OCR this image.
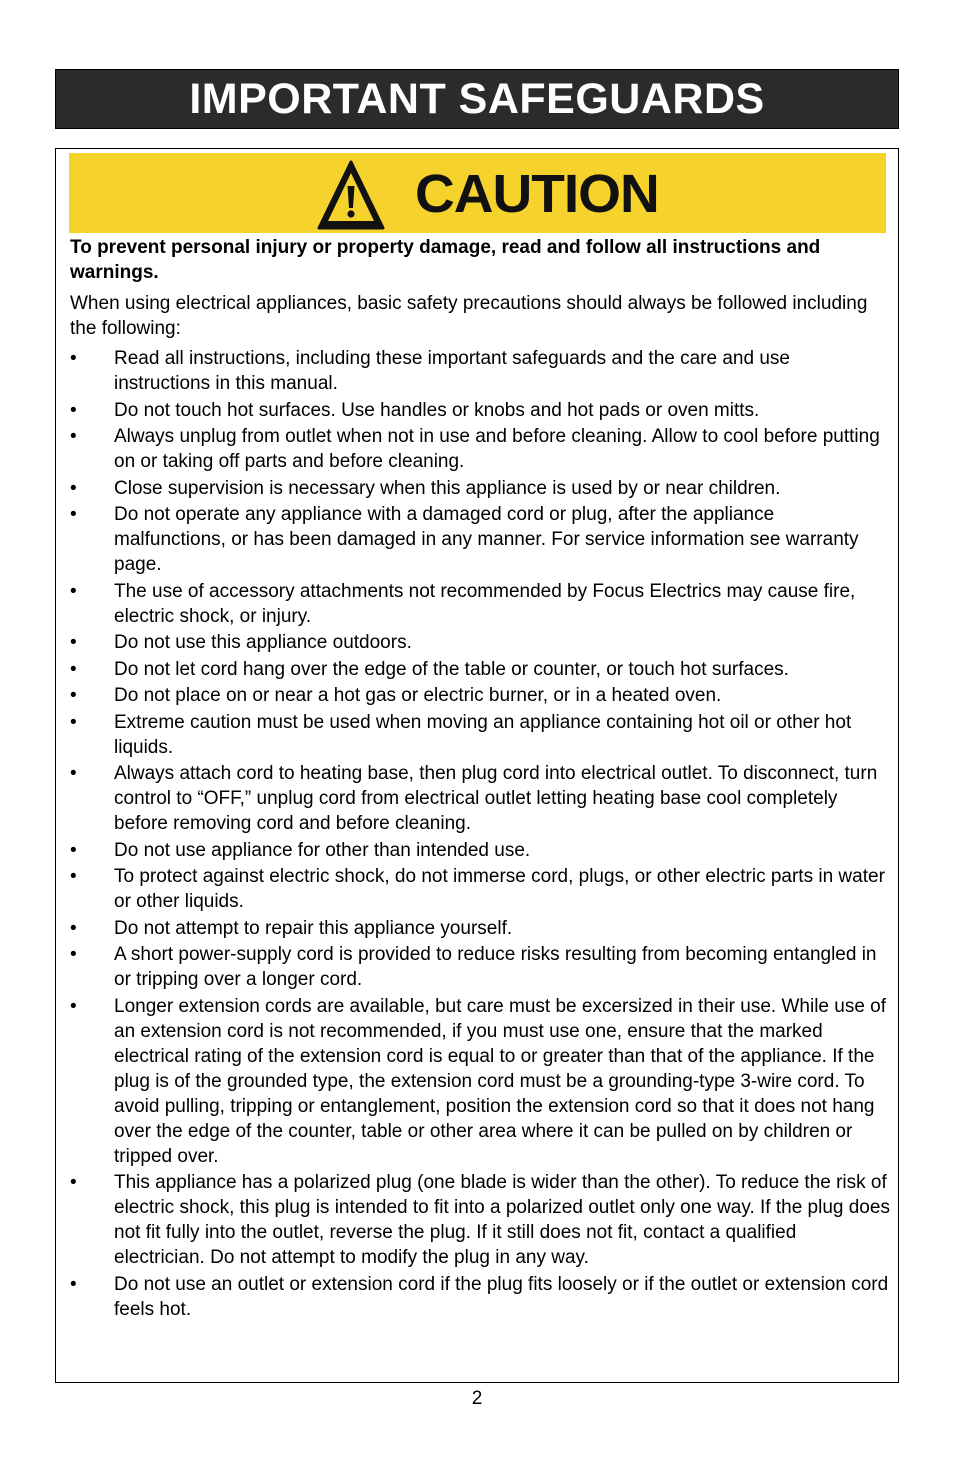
IMPORTANT SAFEGUARDS
CAUTION
To prevent personal injury or property damage, read and follow all instructions and warnings.
When using electrical appliances, basic safety precautions should always be followed including the following:
• Read all instructions, including these important safeguards and the care and use instructions in this manual.
• Do not touch hot surfaces. Use handles or knobs and hot pads or oven mitts.
• Always unplug from outlet when not in use and before cleaning. Allow to cool before putting on or taking off parts and before cleaning.
• Close supervision is necessary when this appliance is used by or near children.
• Do not operate any appliance with a damaged cord or plug, after the appliance malfunctions, or has been damaged in any manner. For service information see warranty page.
• The use of accessory attachments not recommended by Focus Electrics may cause fire, electric shock, or injury.
• Do not use this appliance outdoors.
• Do not let cord hang over the edge of the table or counter, or touch hot surfaces.
• Do not place on or near a hot gas or electric burner, or in a heated oven.
• Extreme caution must be used when moving an appliance containing hot oil or other hot liquids.
• Always attach cord to heating base, then plug cord into electrical outlet. To disconnect, turn control to “OFF,” unplug cord from electrical outlet letting heating base cool completely before removing cord and before cleaning.
• Do not use appliance for other than intended use.
• To protect against electric shock, do not immerse cord, plugs, or other electric parts in water or other liquids.
• Do not attempt to repair this appliance yourself.
• A short power-supply cord is provided to reduce risks resulting from becoming entangled in or tripping over a longer cord.
• Longer extension cords are available, but care must be excersized in their use. While use of an extension cord is not recommended, if you must use one, ensure that the marked electrical rating of the extension cord is equal to or greater than that of the appliance. If the plug is of the grounded type, the extension cord must be a grounding-type 3-wire cord. To avoid pulling, tripping or entanglement, position the extension cord so that it does not hang over the edge of the counter, table or other area where it can be pulled on by children or tripped over.
• This appliance has a polarized plug (one blade is wider than the other). To reduce the risk of electric shock, this plug is intended to fit into a polarized outlet only one way. If the plug does not fit fully into the outlet, reverse the plug. If it still does not fit, contact a qualified electrician. Do not attempt to modify the plug in any way.
• Do not use an outlet or extension cord if the plug fits loosely or if the outlet or extension cord feels hot.
2
